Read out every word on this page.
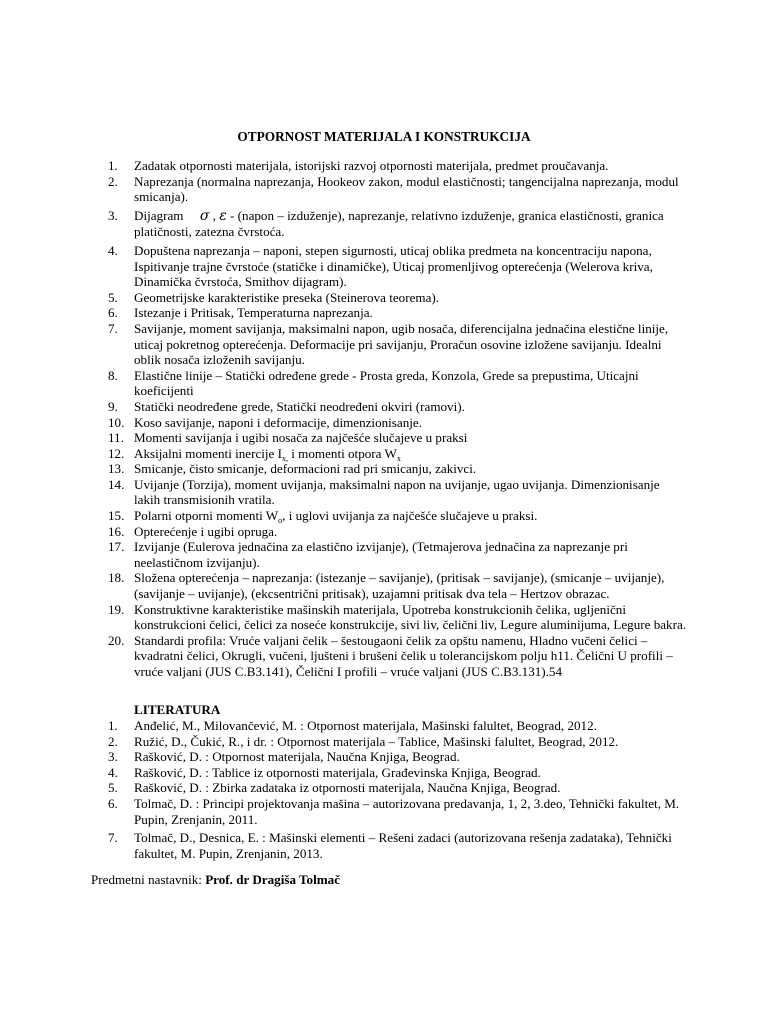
OTPORNOST MATERIJALA I KONSTRUKCIJA
1. Zadatak otpornosti materijala, istorijski razvoj otpornosti materijala, predmet proučavanja.
2. Naprezanja (normalna naprezanja, Hookeov zakon, modul elastičnosti; tangencijalna naprezanja, modul smicanja).
3. Dijagram σ , ε - (napon – izduženje), naprezanje, relativno izduženje, granica elastičnosti, granica platičnosti, zatezna čvrstoća.
4. Dopuštena naprezanja – naponi, stepen sigurnosti, uticaj oblika predmeta na koncentraciju napona, Ispitivanje trajne čvrstoće (statičke i dinamičke), Uticaj promenljivog opterećenja (Welerova kriva, Dinamička čvrstoća, Smithov dijagram).
5. Geometrijske karakteristike preseka (Steinerova teorema).
6. Istezanje i Pritisak, Temperaturna naprezanja.
7. Savijanje, moment savijanja, maksimalni napon, ugib nosača, diferencijalna jednačina elestične linije, uticaj pokretnog opterećenja. Deformacije pri savijanju, Proračun osovine izložene savijanju. Idealni oblik nosača izloženih savijanju.
8. Elastične linije – Statički određene grede - Prosta greda, Konzola, Grede sa prepustima, Uticajni koeficijenti
9. Statički neodređene grede, Statički neodređeni okviri (ramovi).
10. Koso savijanje, naponi i deformacije, dimenzionisanje.
11. Momenti savijanja i ugibi nosača za najčešće slučajeve u praksi
12. Aksijalni momenti inercije $I_{x,}$ i momenti otpora $W_x$
13. Smicanje, čisto smicanje, deformacioni rad pri smicanju, zakivci.
14. Uvijanje (Torzija), moment uvijanja, maksimalni napon na uvijanje, ugao uvijanja. Dimenzionisanje lakih transmisionih vratila.
15. Polarni otporni momenti $W_o$, i uglovi uvijanja za najčešće slučajeve u praksi.
16. Opterećenje i ugibi opruga.
17. Izvijanje (Eulerova jednačina za elastično izvijanje), (Tetmajerova jednačina za naprezanje pri neelastičnom izvijanju).
18. Složena opterećenja – naprezanja: (istezanje – savijanje), (pritisak – savijanje), (smicanje – uvijanje), (savijanje – uvijanje), (ekcsentrični pritisak), uzajamni pritisak dva tela – Hertzov obrazac.
19. Konstruktivne karakteristike mašinskih materijala, Upotreba konstrukcionih čelika, ugljenični konstrukcioni čelici, čelici za noseće konstrukcije, sivi liv, čelični liv, Legure aluminijuma, Legure bakra.
20. Standardi profila: Vruće valjani čelik – šestougaoni čelik za opštu namenu, Hladno vučeni čelici – kvadratni čelici, Okrugli, vučeni, ljušteni i brušeni čelik u tolerancijskom polju h11. Čelični U profili – vruće valjani (JUS C.B3.141), Čelični I profili – vruće valjani (JUS C.B3.131).54
LITERATURA
1. Anđelić, M., Milovančević, M. : Otpornost materijala, Mašinski falultet, Beograd, 2012.
2. Ružić, D., Čukić, R., i dr. : Otpornost materijala – Tablice, Mašinski falultet, Beograd, 2012.
3. Rašković, D. : Otpornost materijala, Naučna Knjiga, Beograd.
4. Rašković, D. : Tablice iz otpornosti materijala, Građevinska Knjiga, Beograd.
5. Rašković, D. : Zbirka zadataka iz otpornosti materijala, Naučna Knjiga, Beograd.
6. Tolmač, D. : Principi projektovanja mašina – autorizovana predavanja, 1, 2, 3.deo, Tehnički fakultet, M. Pupin, Zrenjanin, 2011.
7. Tolmač, D., Desnica, E. : Mašinski elementi – Rešeni zadaci (autorizovana rešenja zadataka), Tehnički fakultet, M. Pupin, Zrenjanin, 2013.
Predmetni nastavnik: Prof. dr Dragiša Tolmač
